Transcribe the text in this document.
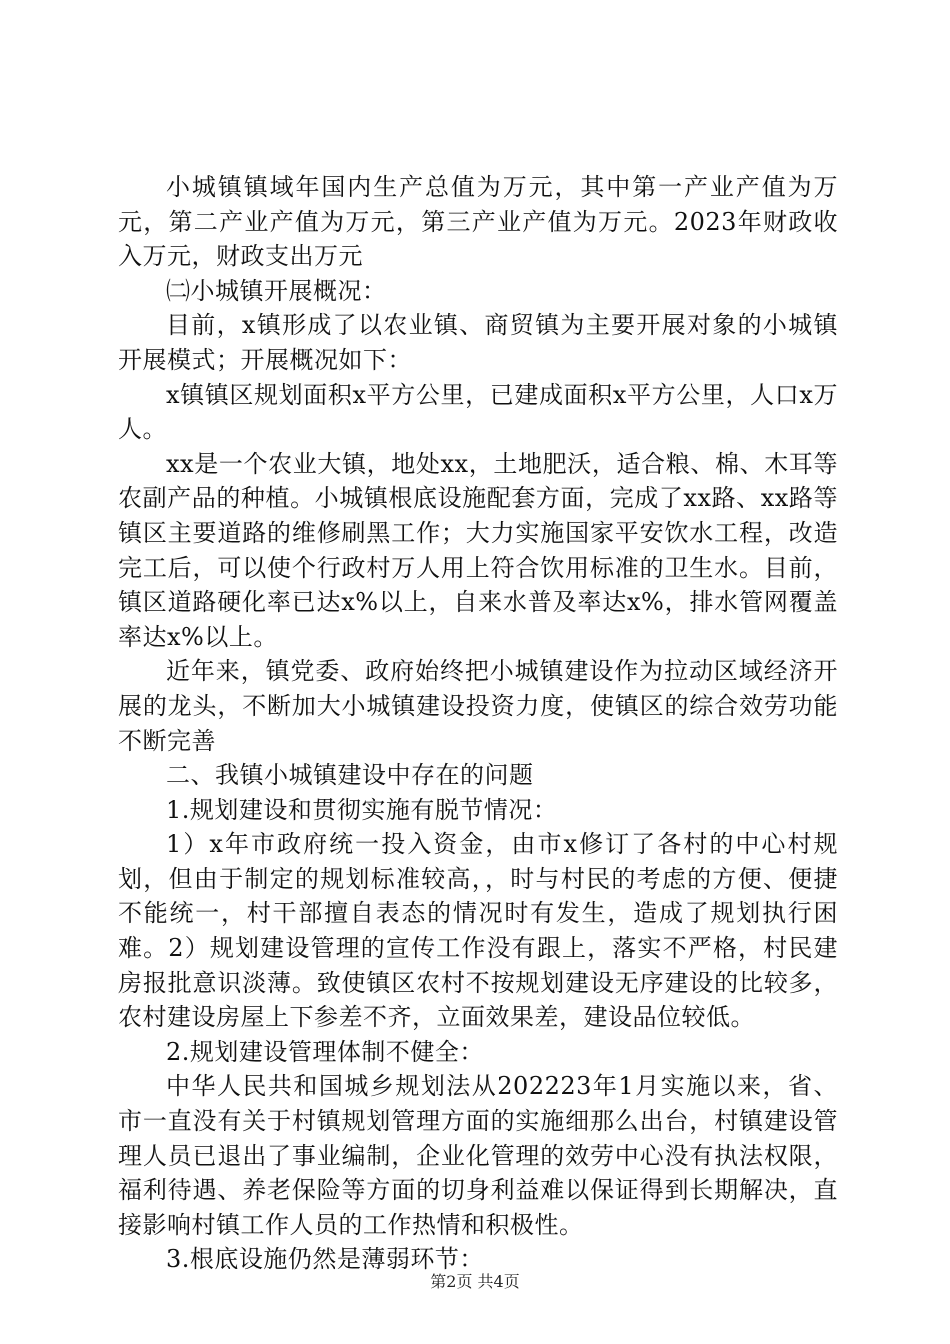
小城镇镇域年国内生产总值为万元，其中第一产业产值为万元，第二产业产值为万元，第三产业产值为万元。2023年财政收入万元，财政支出万元

㈡小城镇开展概况：

目前，x镇形成了以农业镇、商贸镇为主要开展对象的小城镇开展模式；开展概况如下：

x镇镇区规划面积x平方公里，已建成面积x平方公里，人口x万人。

xx是一个农业大镇，地处xx，土地肥沃，适合粮、棉、木耳等农副产品的种植。小城镇根底设施配套方面，完成了xx路、xx路等镇区主要道路的维修刷黑工作；大力实施国家平安饮水工程，改造完工后，可以使个行政村万人用上符合饮用标准的卫生水。目前，镇区道路硬化率已达x%以上，自来水普及率达x%，排水管网覆盖率达x%以上。

近年来，镇党委、政府始终把小城镇建设作为拉动区域经济开展的龙头，不断加大小城镇建设投资力度，使镇区的综合效劳功能不断完善

二、我镇小城镇建设中存在的问题

1.规划建设和贯彻实施有脱节情况：

1）x年市政府统一投入资金，由市x修订了各村的中心村规划，但由于制定的规划标准较高，，时与村民的考虑的方便、便捷不能统一，村干部擅自表态的情况时有发生，造成了规划执行困难。2）规划建设管理的宣传工作没有跟上，落实不严格，村民建房报批意识淡薄。致使镇区农村不按规划建设无序建设的比较多，农村建设房屋上下参差不齐，立面效果差，建设品位较低。

2.规划建设管理体制不健全：

中华人民共和国城乡规划法从202223年1月实施以来，省、市一直没有关于村镇规划管理方面的实施细那么出台，村镇建设管理人员已退出了事业编制，企业化管理的效劳中心没有执法权限，福利待遇、养老保险等方面的切身利益难以保证得到长期解决，直接影响村镇工作人员的工作热情和积极性。

3.根底设施仍然是薄弱环节：

第2页 共4页
